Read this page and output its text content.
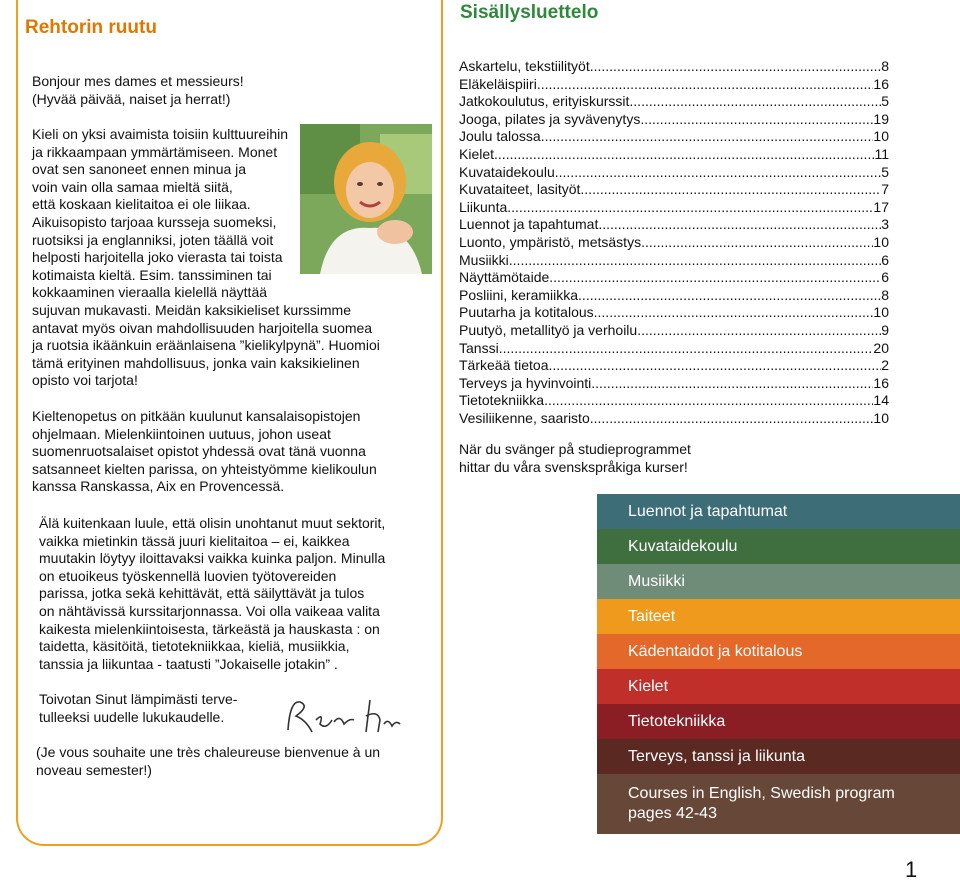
Rehtorin ruutu
Bonjour mes dames et messieurs!
(Hyvää päivää, naiset ja herrat!)
Kieli on yksi avaimista toisiin kulttuureihin
ja rikkaampaan ymmärtämiseen. Monet
ovat sen sanoneet ennen minua ja
voin vain olla samaa mieltä siitä,
että koskaan kielitaitoa ei ole liikaa.
Aikuisopisto tarjoaa kursseja suomeksi,
ruotsiksi ja englanniksi, joten täällä voit
helposti harjoitella joko vierasta tai toista
kotimaista kieltä. Esim. tanssiminen tai
kokkaaminen vieraalla kielellä näyttää
sujuvan mukavasti. Meidän kaksikieliset kurssimme
antavat myös oivan mahdollisuuden harjoitella suomea
ja ruotsia ikäänkuin eräänlaisena ”kielikylpynä”. Huomioi
tämä erityinen mahdollisuus, jonka vain kaksikielinen
opisto voi tarjota!
Kieltenopetus on pitkään kuulunut kansalaisopistojen
ohjelmaan. Mielenkiintoinen uutuus, johon useat
suomenruotsalaiset opistot yhdessä ovat tänä vuonna
satsanneet kielten parissa, on yhteistyömme kielikoulun
kanssa Ranskassa, Aix en Provencessä.
Älä kuitenkaan luule, että olisin unohtanut muut sektorit,
vaikka mietinkin tässä juuri kielitaitoa – ei, kaikkea
muutakin löytyy iloittavaksi vaikka kuinka paljon. Minulla
on etuoikeus työskennellä luovien työtovereiden
parissa, jotka sekä kehittävät, että säilyttävät ja tulos
on nähtävissä kurssitarjonnassa. Voi olla vaikeaa valita
kaikesta mielenkiintoisesta, tärkeästä ja hauskasta : on
taidetta, käsitöitä, tietotekniikkaa, kieliä, musiikkia,
tanssia ja liikuntaa - taatusti ”Jokaiselle jotakin” .
Toivotan Sinut lämpimästi terve-
tulleeksi uudelle lukukaudelle.
(Je vous souhaite une très chaleureuse bienvenue à un
noveau semester!)
Sisällysluettelo
Askartelu, tekstiilityöt .....	8
Eläkeläispiiri .....	16
Jatkokoulutus, erityiskurssit .....	5
Jooga, pilates ja syvävenytys. .....	19
Joulu talossa .....	10
Kielet .....	11
Kuvataidekoulu .....	5
Kuvataiteet, lasityöt .....	7
Liikunta .....	17
Luennot ja tapahtumat .....	3
Luonto, ympäristö, metsästys .....	10
Musiikki .....	6
Näyttämötaide .....	6
Posliini, keramiikka .....	8
Puutarha ja kotitalous .....	10
Puutyö, metallityö ja verhoilu .....	9
Tanssi .....	20
Tärkeää tietoa .....	2
Terveys ja hyvinvointi .....	16
Tietotekniikka .....	14
Vesiliikenne, saaristo .....	10
När du svänger på studieprogrammet
hittar du våra svenskspråkiga kurser!
Luennot ja tapahtumat
Kuvataidekoulu
Musiikki
Taiteet
Kädentaidot ja kotitalous
Kielet
Tietotekniikka
Terveys, tanssi ja liikunta
Courses in English, Swedish program
pages 42-43
1
